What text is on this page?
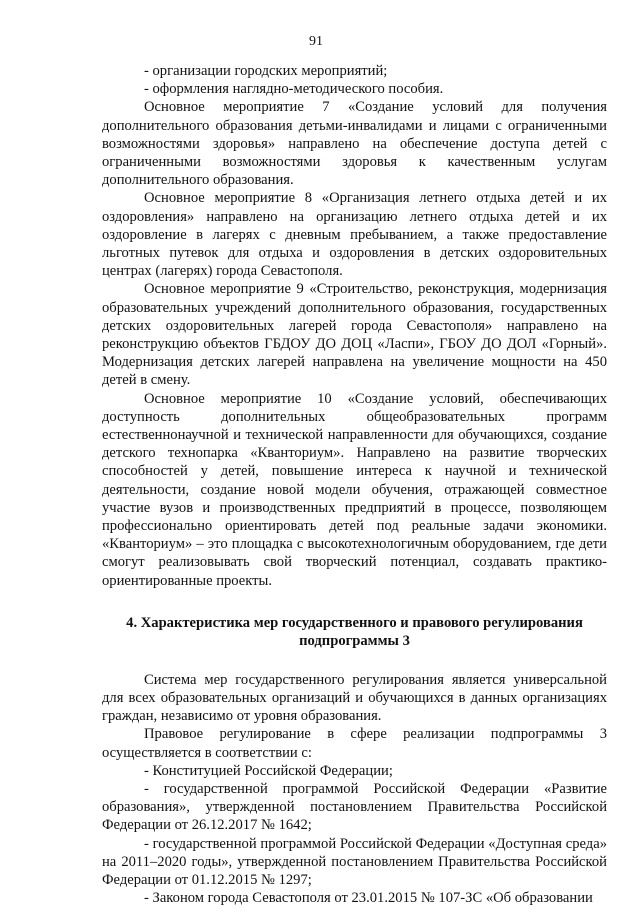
91

- организации городских мероприятий;

- оформления наглядно-методического пособия.

Основное мероприятие 7 «Создание условий для получения дополнительного образования детьми-инвалидами и лицами с ограниченными возможностями здоровья» направлено на обеспечение доступа детей с ограниченными возможностями здоровья к качественным услугам дополнительного образования.

Основное мероприятие 8 «Организация летнего отдыха детей и их оздоровления» направлено на организацию летнего отдыха детей и их оздоровление в лагерях с дневным пребыванием, а также предоставление льготных путевок для отдыха и оздоровления в детских оздоровительных центрах (лагерях) города Севастополя.

Основное мероприятие 9 «Строительство, реконструкция, модернизация образовательных учреждений дополнительного образования, государственных детских оздоровительных лагерей города Севастополя» направлено на реконструкцию объектов ГБДОУ ДО ДОЦ «Ласпи», ГБОУ ДО ДОЛ «Горный». Модернизация детских лагерей направлена на увеличение мощности на 450 детей в смену.

Основное мероприятие 10 «Создание условий, обеспечивающих доступность дополнительных общеобразовательных программ естественнонаучной и технической направленности для обучающихся, создание детского технопарка «Кванториум». Направлено на развитие творческих способностей у детей, повышение интереса к научной и технической деятельности, создание новой модели обучения, отражающей совместное участие вузов и производственных предприятий в процессе, позволяющем профессионально ориентировать детей под реальные задачи экономики. «Кванториум» – это площадка с высокотехнологичным оборудованием, где дети смогут реализовывать свой творческий потенциал, создавать практико-ориентированные проекты.

4. Характеристика мер государственного и правового регулирования подпрограммы 3

Система мер государственного регулирования является универсальной для всех образовательных организаций и обучающихся в данных организациях граждан, независимо от уровня образования.

Правовое регулирование в сфере реализации подпрограммы 3 осуществляется в соответствии с:

- Конституцией Российской Федерации;

- государственной программой Российской Федерации «Развитие образования», утвержденной постановлением Правительства Российской Федерации от 26.12.2017 № 1642;

- государственной программой Российской Федерации «Доступная среда» на 2011–2020 годы», утвержденной постановлением Правительства Российской Федерации от 01.12.2015 № 1297;

- Законом города Севастополя от 23.01.2015 № 107-ЗС «Об образовании
